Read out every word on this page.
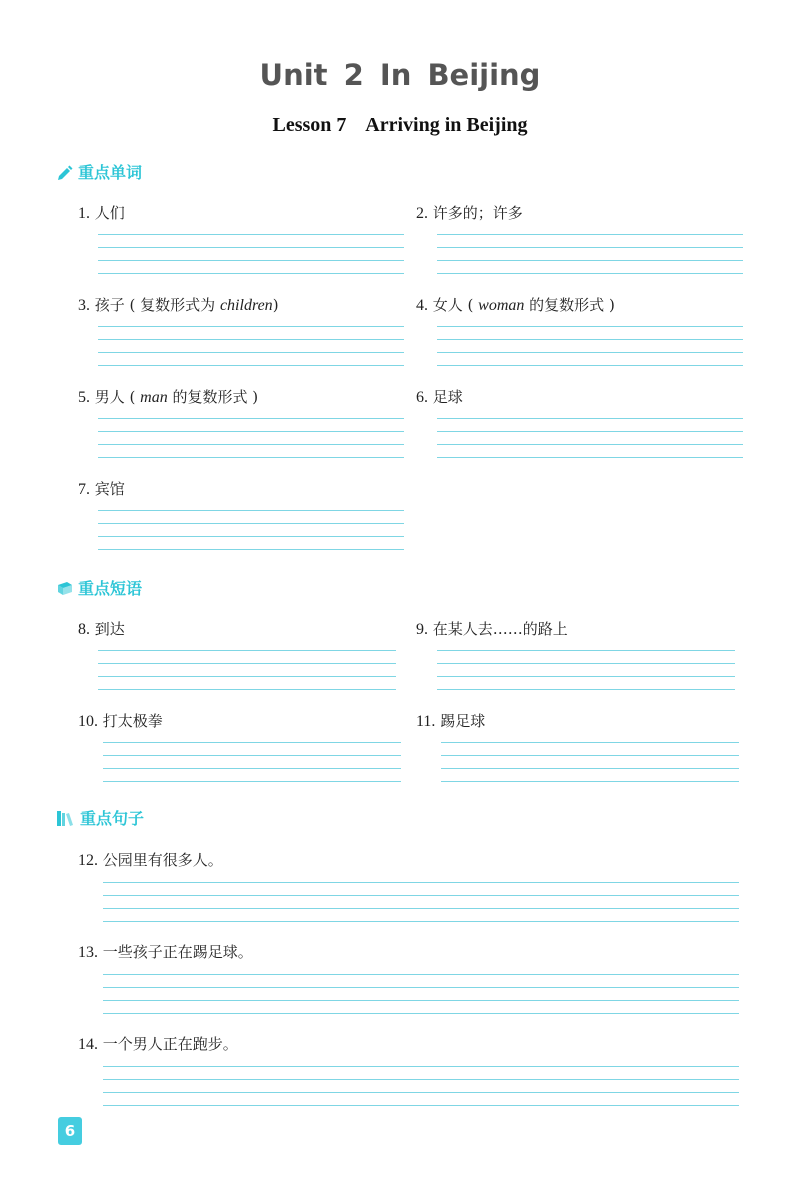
Unit 2 In Beijing
Lesson 7    Arriving in Beijing
重点单词
1. 人们	2. 许多的；许多
3. 孩子 ( 复数形式为 children)	4. 女人 ( woman 的复数形式 )
5. 男人 ( man 的复数形式 )	6. 足球
7. 宾馆
重点短语
8. 到达	9. 在某人去……的路上
10. 打太极拳	11. 踢足球
重点句子
12. 公园里有很多人。
13. 一些孩子正在踢足球。
14. 一个男人正在跑步。
6
